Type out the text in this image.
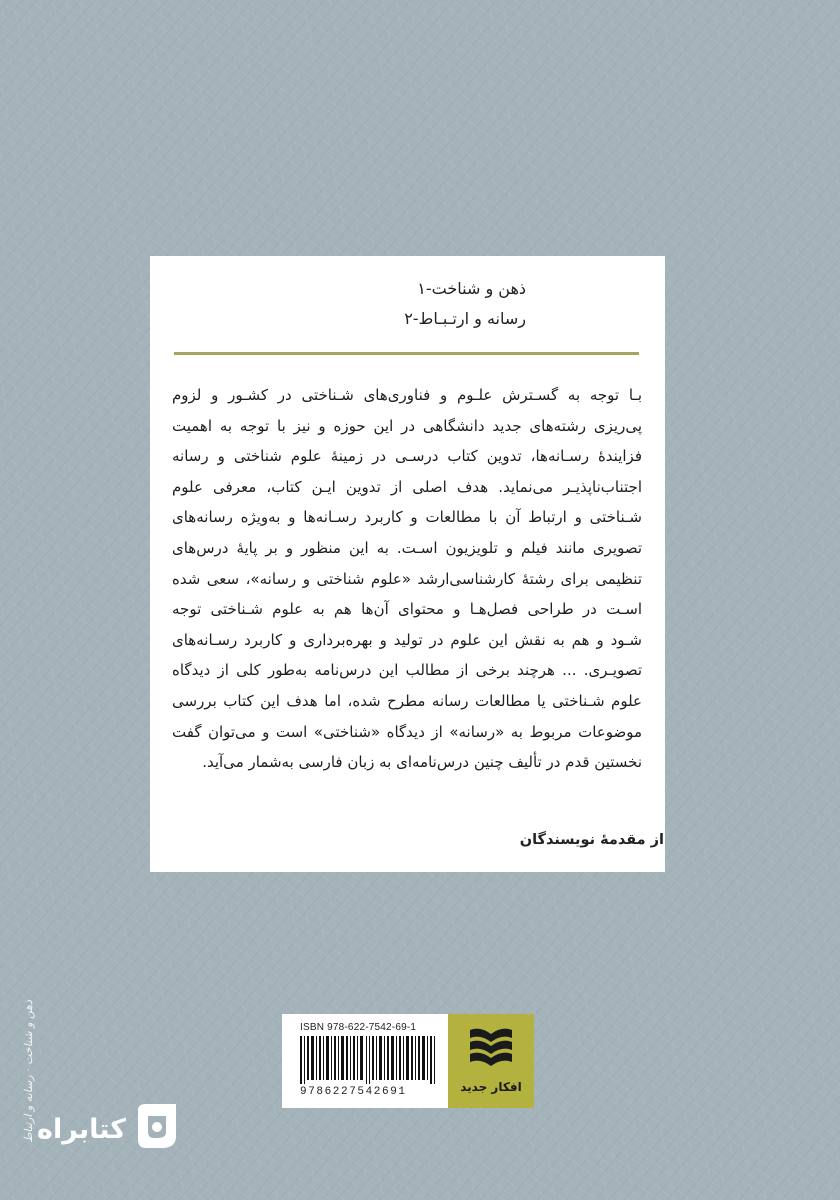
ذهن و شناخت-۱
رسانه و ارتـبـاط-۲
بـا توجه به گسـترش علـوم و فناوری‌های شـناختی در کشـور و لزوم
پی‌ریزی رشته‌های جدید دانشگاهی در این حوزه و نیز با توجه به اهمیت
فزایندۀ رسـانه‌ها، تدوین کتاب درسـی در زمینۀ علوم شناختی و رسانه
اجتناب‌ناپذیـر می‌نماید. هدف اصلی از تدوین ایـن کتاب، معرفی علوم
شـناختی و ارتباط آن با مطالعات و کاربرد رسـانه‌ها و به‌ویژه رسانه‌های
تصویری مانند فیلم و تلویزیون اسـت. به این منظور و بر پایۀ درس‌های
تنظیمی برای رشتۀ کارشناسی‌ارشد «علوم شناختی و رسانه»، سعی شده
اسـت در طراحی فصل‌هـا و محتوای آن‌ها هم به علوم شـناختی توجه
شـود و هم به نقش این علوم در تولید و بهره‌برداری و کاربرد رسـانه‌های
تصویـری. ... هرچند برخی از مطالب این درس‌نامه به‌طور کلی از دیدگاه
علوم شـناختی یا مطالعات رسانه مطرح شده، اما هدف این کتاب بررسی
موضوعات مربوط به «رسانه» از دیدگاه «شناختی» است و می‌توان گفت
نخستین قدم در تألیف چنین درس‌نامه‌ای به زبان فارسی به‌شمار می‌آید.
از مقدمۀ نویسندگان
ISBN 978-622-7542-69-1
9786227542691	افکار جدید
ذهن و شناخت · رسانه و ارتباط کتابراه
